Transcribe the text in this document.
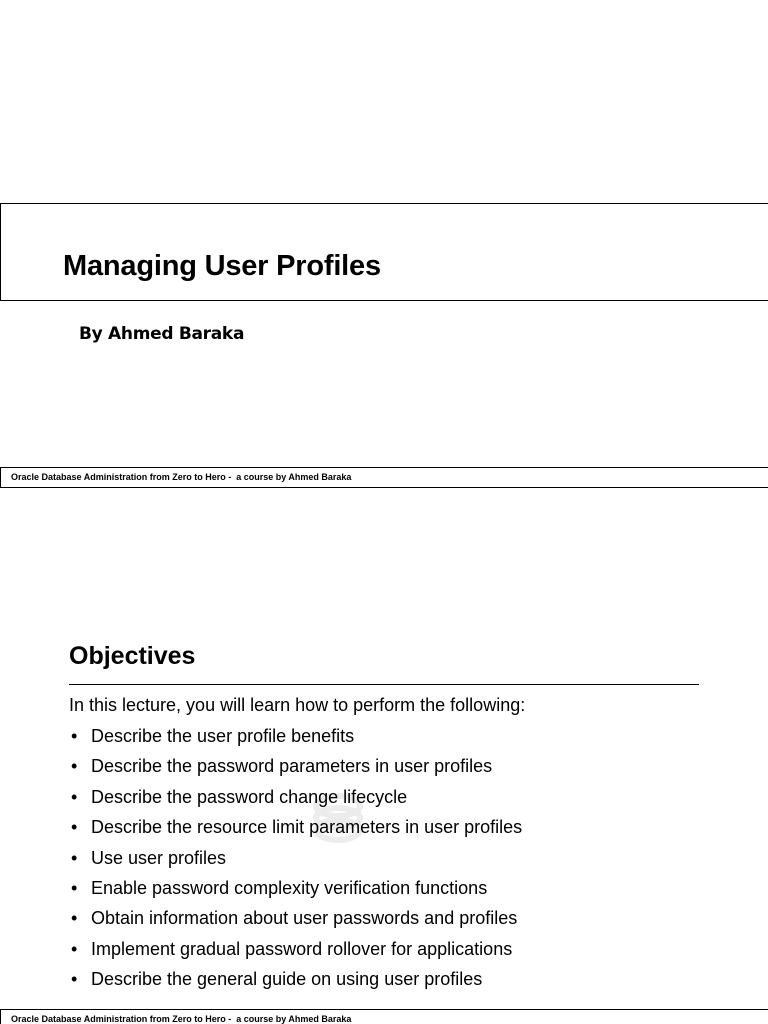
Managing User Profiles
By Ahmed Baraka
Oracle Database Administration from Zero to Hero -  a course by Ahmed Baraka
Objectives
In this lecture, you will learn how to perform the following:
• Describe the user profile benefits
• Describe the password parameters in user profiles
• Describe the password change lifecycle
• Describe the resource limit parameters in user profiles
• Use user profiles
• Enable password complexity verification functions
• Obtain information about user passwords and profiles
• Implement gradual password rollover for applications
• Describe the general guide on using user profiles
Oracle Database Administration from Zero to Hero -  a course by Ahmed Baraka
